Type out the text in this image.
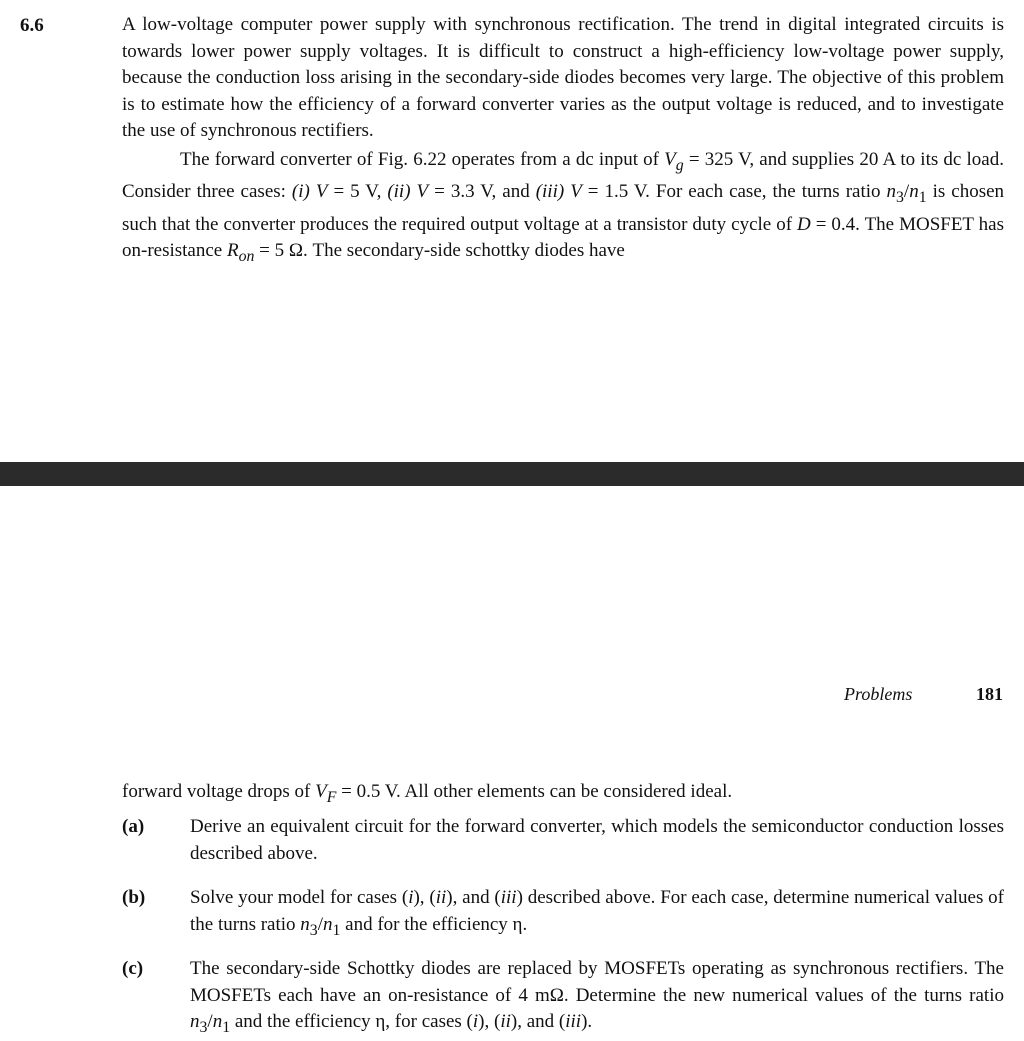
6.6	A low-voltage computer power supply with synchronous rectification. The trend in digital integrated circuits is towards lower power supply voltages. It is difficult to construct a high-efficiency low-voltage power supply, because the conduction loss arising in the secondary-side diodes becomes very large. The objective of this problem is to estimate how the efficiency of a forward converter varies as the output voltage is reduced, and to investigate the use of synchronous rectifiers.

The forward converter of Fig. 6.22 operates from a dc input of $V_g = 325$ V, and supplies 20 A to its dc load. Consider three cases: (i) V = 5 V, (ii) V = 3.3 V, and (iii) V = 1.5 V. For each case, the turns ratio $n_3/n_1$ is chosen such that the converter produces the required output voltage at a transistor duty cycle of D = 0.4. The MOSFET has on-resistance $R_{on} = 5$ Ω. The secondary-side schottky diodes have

Problems	181

forward voltage drops of $V_F = 0.5$ V. All other elements can be considered ideal.

(a) Derive an equivalent circuit for the forward converter, which models the semiconductor conduction losses described above.

(b) Solve your model for cases (i), (ii), and (iii) described above. For each case, determine numerical values of the turns ratio $n_3/n_1$ and for the efficiency η.

(c) The secondary-side Schottky diodes are replaced by MOSFETs operating as synchronous rectifiers. The MOSFETs each have an on-resistance of 4 mΩ. Determine the new numerical values of the turns ratio $n_3/n_1$ and the efficiency η, for cases (i), (ii), and (iii).
